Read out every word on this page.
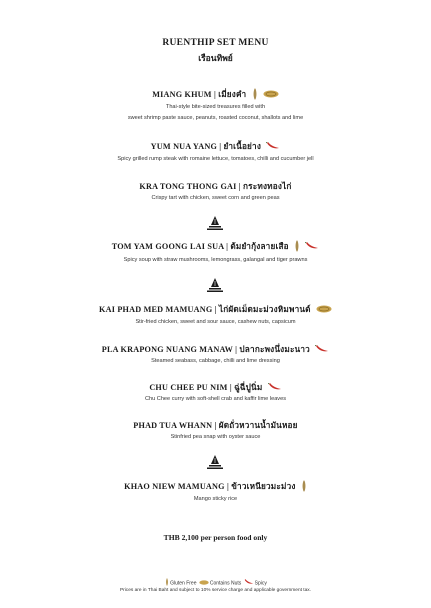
RUENTHIP SET MENU
เรือนทิพย์
MIANG KHUM | เมี่ยงคำ
Thai-style bite-sized treasures filled with
sweet shrimp paste sauce, peanuts, roasted coconut, shallots and lime
YUM NUA YANG | ยำเนื้อย่าง
Spicy grilled rump steak with romaine lettuce, tomatoes, chilli and cucumber jell
KRA TONG THONG GAI | กระทงทองไก่
Crispy tart with chicken, sweet corn and green peas
TOM YAM GOONG LAI SUA | ต้มยำกุ้งลายเสือ
Spicy soup with straw mushrooms, lemongrass, galangal and tiger prawns
KAI PHAD MED MAMUANG | ไก่ผัดเม็ดมะม่วงหิมพานต์
Stir-fried chicken, sweet and sour sauce, cashew nuts, capsicum
PLA KRAPONG NUANG MANAW | ปลากะพงนึ่งมะนาว
Steamed seabass, cabbage, chilli and lime dressing
CHU CHEE PU NIM | ฉู่ฉี่ปูนิ่ม
Chu Chee curry with soft-shell crab and kaffir lime leaves
PHAD TUA WHANN | ผัดถั่วหวานน้ำมันหอย
Stinfried pea snap with oyster sauce
KHAO NIEW MAMUANG | ข้าวเหนียวมะม่วง
Mango sticky rice
THB 2,100 per person food only
Gluten Free	Contains Nuts	Spicy
Prices are in Thai Baht and subject to 10% service charge and applicable government tax.
